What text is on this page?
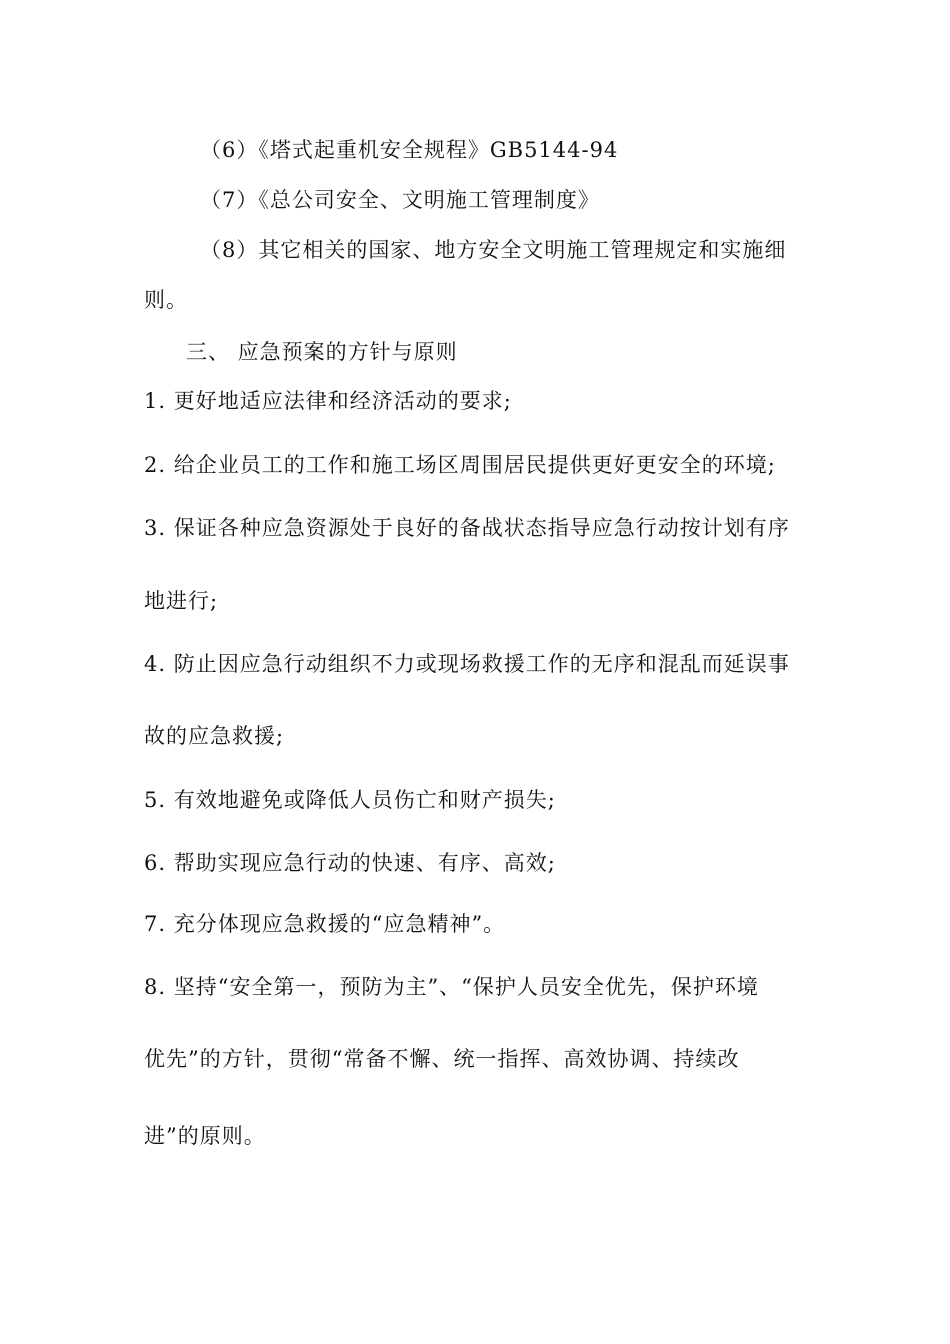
（6）《塔式起重机安全规程》GB5144-94
（7）《总公司安全、文明施工管理制度》
（8）其它相关的国家、地方安全文明施工管理规定和实施细
则。
三、 应急预案的方针与原则
1. 更好地适应法律和经济活动的要求;
2. 给企业员工的工作和施工场区周围居民提供更好更安全的环境;
3. 保证各种应急资源处于良好的备战状态指导应急行动按计划有序
地进行;
4. 防止因应急行动组织不力或现场救援工作的无序和混乱而延误事
故的应急救援;
5. 有效地避免或降低人员伤亡和财产损失;
6. 帮助实现应急行动的快速、有序、高效;
7. 充分体现应急救援的“应急精神”。
8. 坚持“安全第一，预防为主”、“保护人员安全优先，保护环境
优先”的方针，贯彻“常备不懈、统一指挥、高效协调、持续改
进”的原则。
